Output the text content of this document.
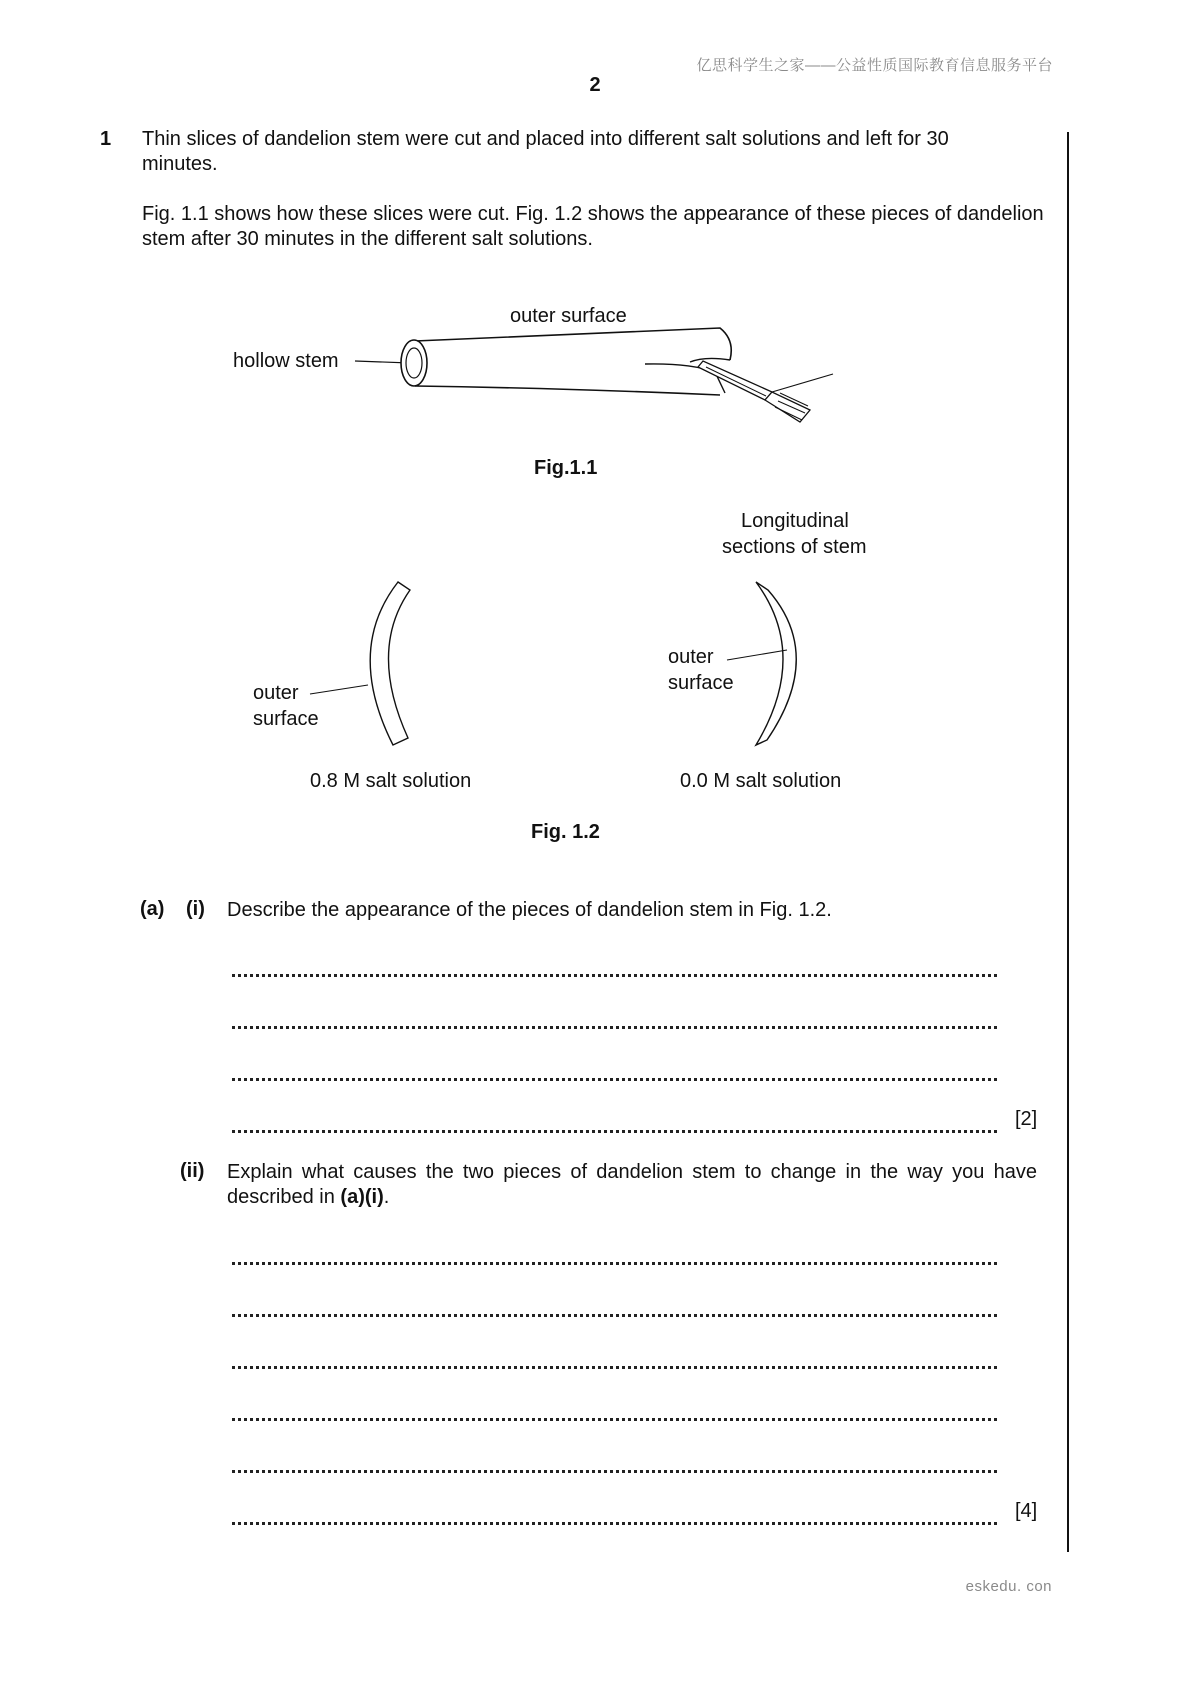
亿思科学生之家——公益性质国际教育信息服务平台
2
1 Thin slices of dandelion stem were cut and placed into different salt solutions and left for 30 minutes.
Fig. 1.1 shows how these slices were cut. Fig. 1.2 shows the appearance of these pieces of dandelion stem after 30 minutes in the different salt solutions.
outer surface
hollow stem
Fig.1.1
Longitudinal
sections of stem
outer
surface
outer
surface
0.8 M salt solution	0.0 M salt solution
Fig. 1.2
(a) (i) Describe the appearance of the pieces of dandelion stem in Fig. 1.2.
[2]
(ii) Explain what causes the two pieces of dandelion stem to change in the way you have described in (a)(i).
[4]
eskedu. con
